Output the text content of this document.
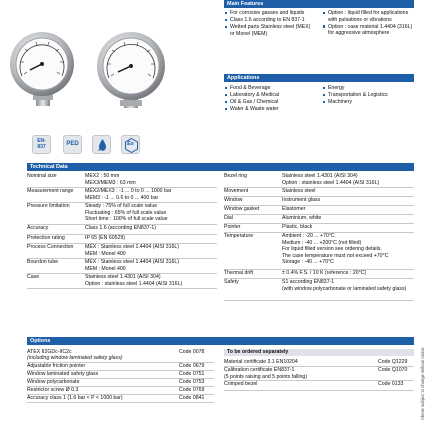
Main Features
For corrosive gasses and liquids
Class 1.6 according to EN 837-1
Wetted parts Stainless steel (MEX) or Monel (MEM)
Option : liquid filled for applications with pulsations or vibrations
Option : case material 1.4404 (316L) for aggressive atmosphere
Applications
Food & Beverage
Laboratory & Medical
Oil & Gas / Chemical
Water & Waste water
Energy
Transportation & Logistics
Machinery
EN-
837	PED
IP 65
Ex
Technical Data
Nominal size	MEX2 : 50 mm
MEX3/MEM3 : 63 mm
Measurement range MEX2/MEX3 : -1 ... 0 to 0 ... 1000 bar
MEM3 : -1 ... 0.6 to 0 ... 400 bar
Pressure limitation	Steady : 75% of full scale value
Fluctuating : 65% of full scale value
Short time : 100% of full scale value
Accuracy	Class 1.6 (according EN837-1)
Protection rating	IP 65 (EN 60529)
Process Connection MEX : Stainless steel 1.4404 (AISI 316L)
MEM : Monel 400
Bourdon tube	MEX : Stainless steel 1.4404 (AISI 316L)
MEM : Monel 400
Case	Stainless steel 1.4301 (AISI 304)
Option : stainless steel 1.4404 (AISI 316L)
Bezel ring	Stainless steel 1.4301 (AISI 304)
Option : stainless steel 1.4404 (AISI 316L)
Movement	Stainless steel
Window	Instrument glass
Window gasket	Elastomer
Dial	Aluminium, white
Pointer	Plastic, black
Temperature	Ambient : -20 ... +70°C
Medium : -40 ... +200°C (not filled)
For liquid filled version see ordering details.
The case temperature must not exceed +70°C
Storage : -40 ... +70°C
Thermal drift	± 0.4% F.S. / 10 K (reference : 20°C)
Safety	S1 according EN837-1
(with window polycarbonate or laminated safety glass)
Options
ATEX II2GDc-IIC2c
(including window laminated safety glass)
Code 0078
Adjustable friction pointer	Code 0679
Window laminated safety glass	Code 0751
Window polycarbonate	Code 0753
Restrictor screw Ø 0.3	Code 0769
Accuracy class 1 (1.6 bar < P < 1000 bar)	Code 0841
To be ordered separately
Material certificate 3.1 EN10204	Code Q1229
Calibration certificate EN837-1
(5 points raising and 5 points falling)
Code Q1070
Crimped bezel	Code 0133	Above subject to change without notice
